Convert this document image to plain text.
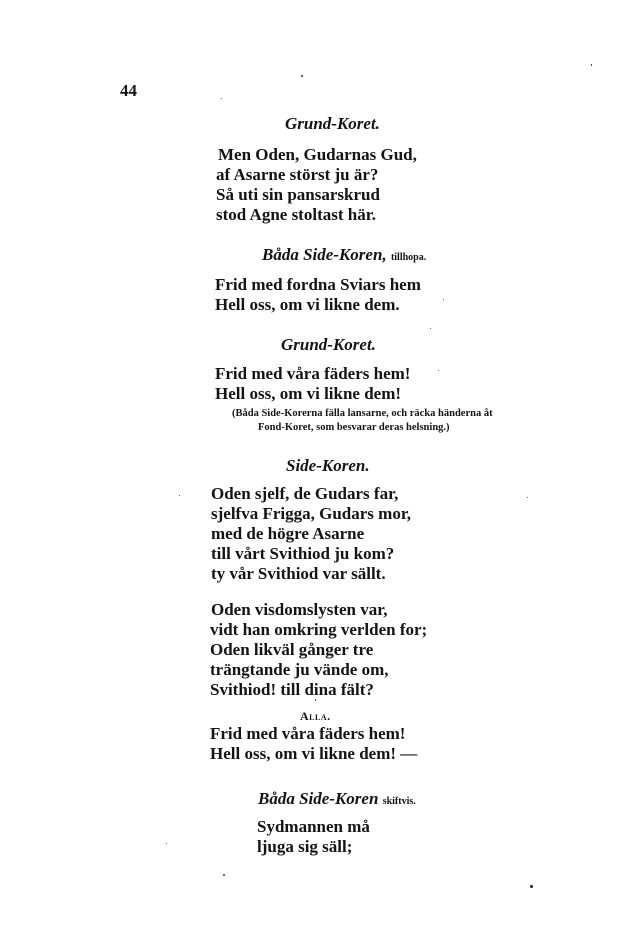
44
Grund-Koret.
Men Oden, Gudarnas Gud,
af Asarne störst ju är?
Så uti sin pansarskrud
stod Agne stoltast här.
Båda Side-Koren, tillhopa.
Frid med fordna Sviars hem
Hell oss, om vi likne dem.
Grund-Koret.
Frid med våra fäders hem!
Hell oss, om vi likne dem!
(Båda Side-Korerna fälla lansarne, och räcka händerna åt
Fond-Koret, som besvarar deras helsning.)
Side-Koren.
Oden sjelf, de Gudars far,
sjelfva Frigga, Gudars mor,
med de högre Asarne
till vårt Svithiod ju kom?
ty vår Svithiod var sällt.
Oden visdomslysten var,
vidt han omkring verlden for;
Oden likväl gånger tre
trängtande ju vände om,
Svithiod! till dina fält?
Alla.
Frid med våra fäders hem!
Hell oss, om vi likne dem! —
Båda Side-Koren skiftvis.
Sydmannen må
ljuga sig säll;
